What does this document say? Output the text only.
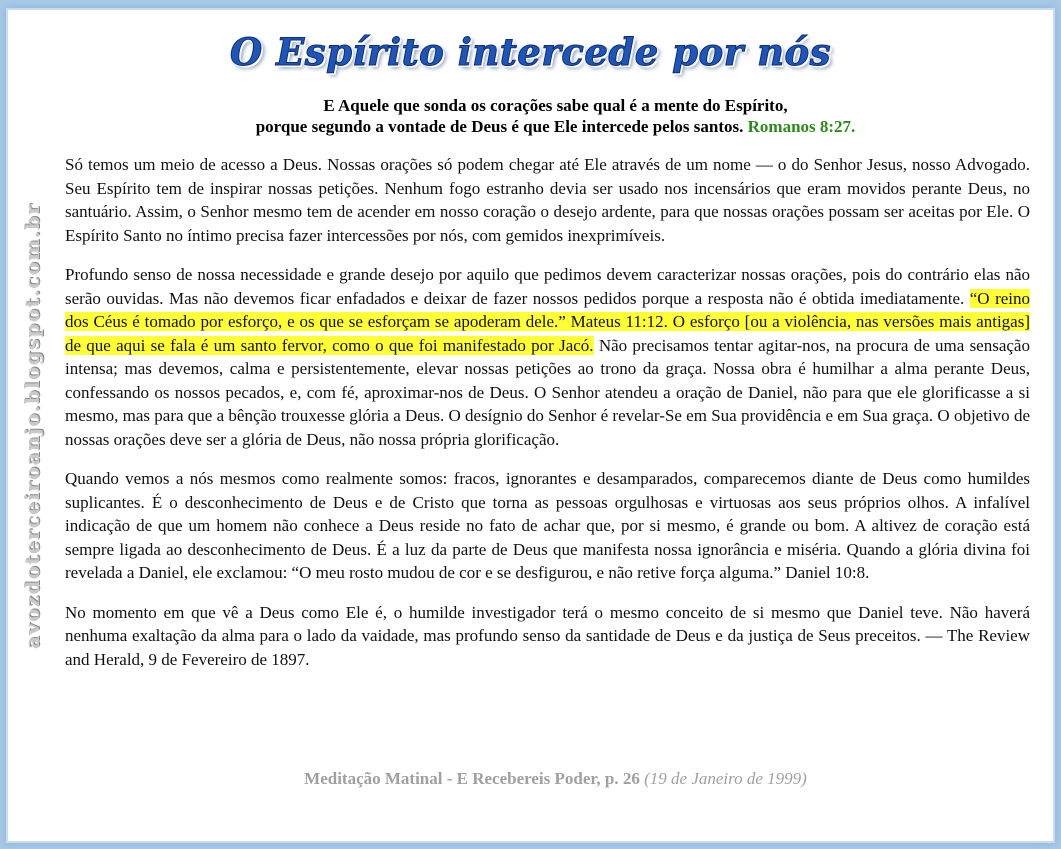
avozdoterceiroanjo.blogspot.com.br
O Espírito intercede por nós
E Aquele que sonda os corações sabe qual é a mente do Espírito,
porque segundo a vontade de Deus é que Ele intercede pelos santos. Romanos 8:27.

Só temos um meio de acesso a Deus. Nossas orações só podem chegar até Ele através de um nome — o do Senhor Jesus, nosso Advogado. Seu Espírito tem de inspirar nossas petições. Nenhum fogo estranho devia ser usado nos incensários que eram movidos perante Deus, no santuário. Assim, o Senhor mesmo tem de acender em nosso coração o desejo ardente, para que nossas orações possam ser aceitas por Ele. O Espírito Santo no íntimo precisa fazer intercessões por nós, com gemidos inexprimíveis.

Profundo senso de nossa necessidade e grande desejo por aquilo que pedimos devem caracterizar nossas orações, pois do contrário elas não serão ouvidas. Mas não devemos ficar enfadados e deixar de fazer nossos pedidos porque a resposta não é obtida imediatamente. “O reino dos Céus é tomado por esforço, e os que se esforçam se apoderam dele.” Mateus 11:12. O esforço [ou a violência, nas versões mais antigas] de que aqui se fala é um santo fervor, como o que foi manifestado por Jacó. Não precisamos tentar agitar-nos, na procura de uma sensação intensa; mas devemos, calma e persistentemente, elevar nossas petições ao trono da graça. Nossa obra é humilhar a alma perante Deus, confessando os nossos pecados, e, com fé, aproximar-nos de Deus. O Senhor atendeu a oração de Daniel, não para que ele glorificasse a si mesmo, mas para que a bênção trouxesse glória a Deus. O desígnio do Senhor é revelar-Se em Sua providência e em Sua graça. O objetivo de nossas orações deve ser a glória de Deus, não nossa própria glorificação.

Quando vemos a nós mesmos como realmente somos: fracos, ignorantes e desamparados, comparecemos diante de Deus como humildes suplicantes. É o desconhecimento de Deus e de Cristo que torna as pessoas orgulhosas e virtuosas aos seus próprios olhos. A infalível indicação de que um homem não conhece a Deus reside no fato de achar que, por si mesmo, é grande ou bom. A altivez de coração está sempre ligada ao desconhecimento de Deus. É a luz da parte de Deus que manifesta nossa ignorância e miséria. Quando a glória divina foi revelada a Daniel, ele exclamou: “O meu rosto mudou de cor e se desfigurou, e não retive força alguma.” Daniel 10:8.

No momento em que vê a Deus como Ele é, o humilde investigador terá o mesmo conceito de si mesmo que Daniel teve. Não haverá nenhuma exaltação da alma para o lado da vaidade, mas profundo senso da santidade de Deus e da justiça de Seus preceitos. — The Review and Herald, 9 de Fevereiro de 1897.

Meditação Matinal - E Recebereis Poder, p. 26 (19 de Janeiro de 1999)
